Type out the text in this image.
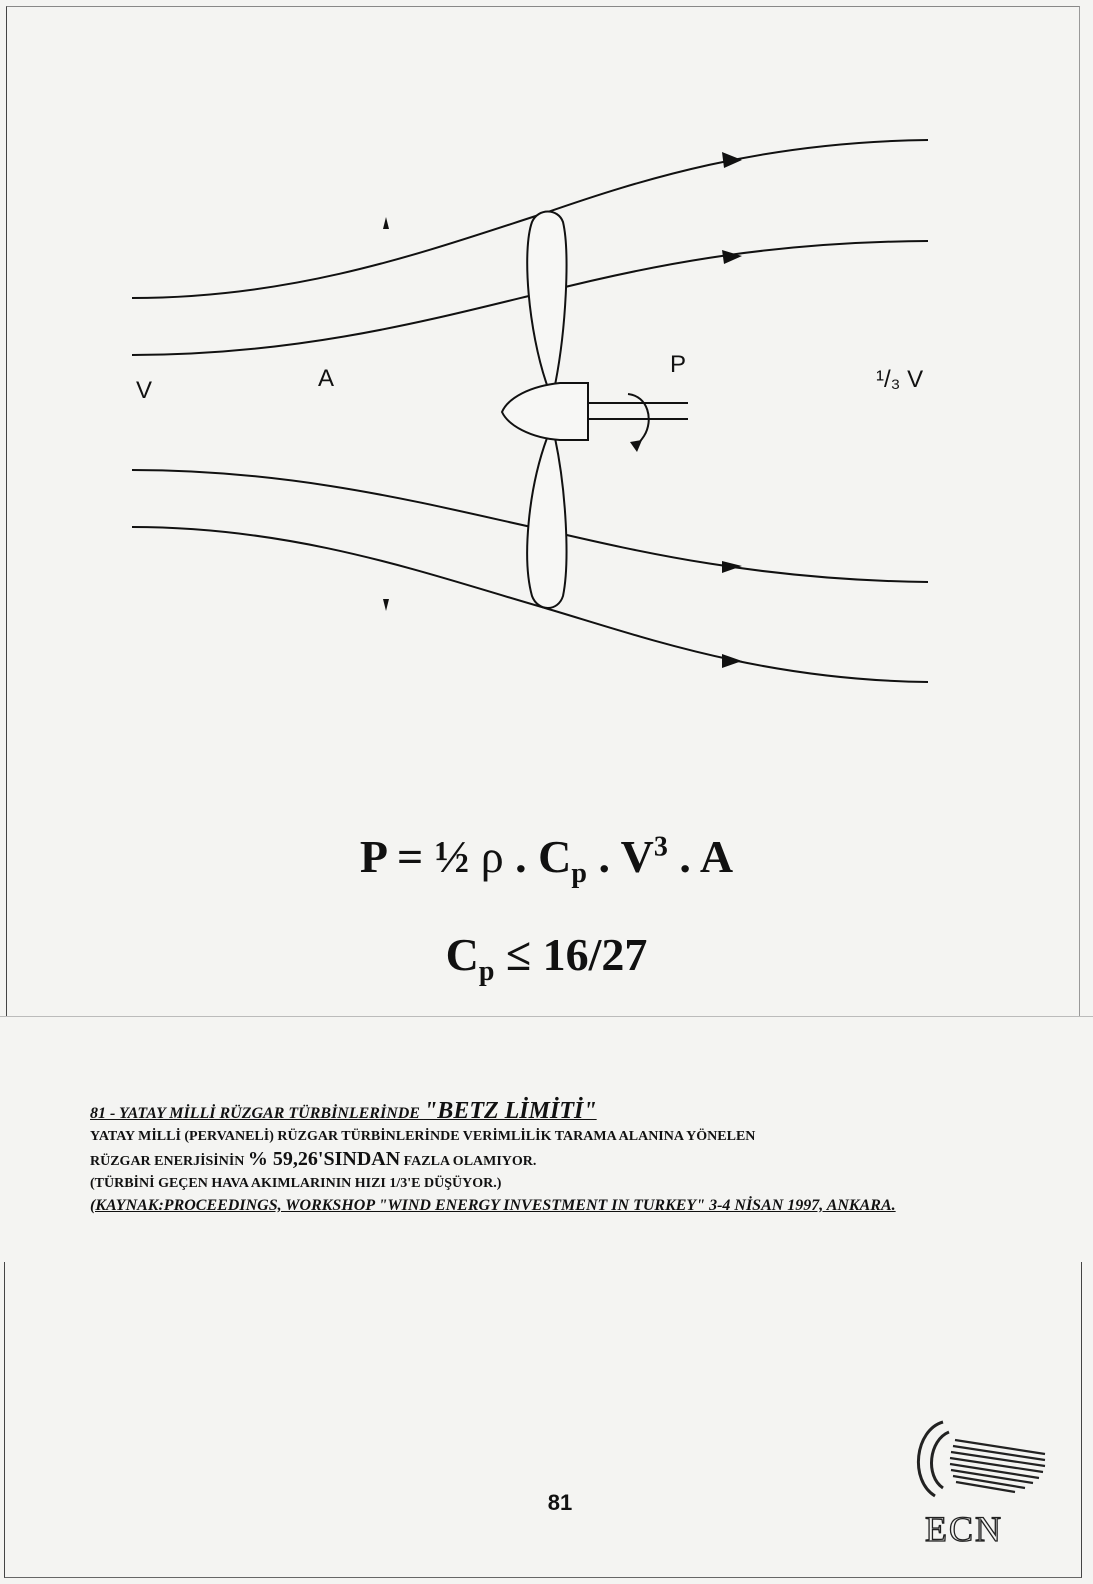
V	A
P
¹/₃ V
P = ½ ρ . $C_p$ . $V^3$ . A
$C_p \le 16/27$
81 - YATAY MİLLİ RÜZGAR TÜRBİNLERİNDE "BETZ LİMİTİ"
YATAY MİLLİ (PERVANELİ) RÜZGAR TÜRBİNLERİNDE VERİMLİLİK TARAMA ALANINA YÖNELEN
RÜZGAR ENERJİSİNİN % 59,26'SINDAN FAZLA OLAMIYOR.
(TÜRBİNİ GEÇEN HAVA AKIMLARININ HIZI 1/3'E DÜŞÜYOR.)
(KAYNAK:PROCEEDINGS, WORKSHOP "WIND ENERGY INVESTMENT IN TURKEY" 3-4 NİSAN 1997, ANKARA.
81
ECN
